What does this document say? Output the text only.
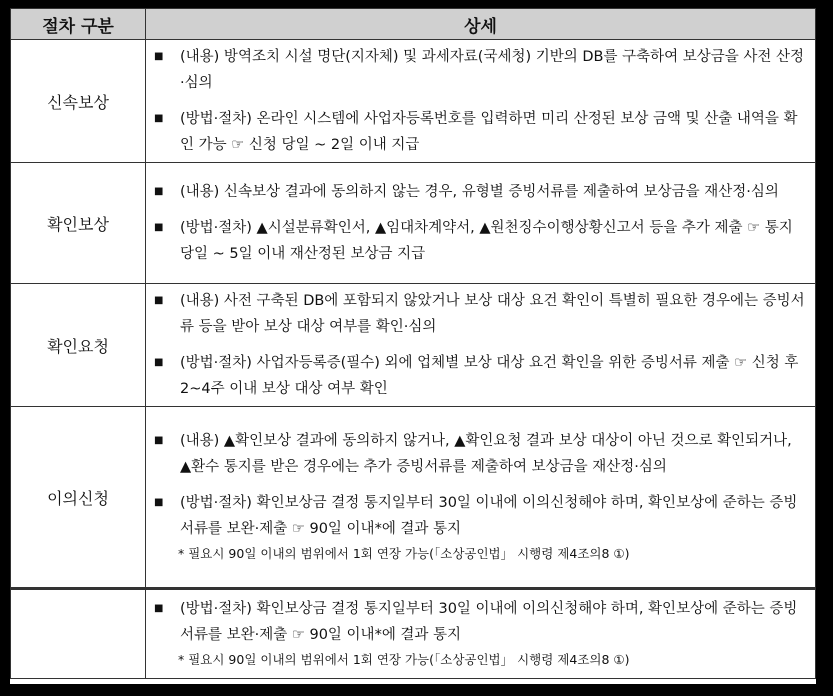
절차 구분	상세
신속보상	■ (내용) 방역조치 시설 명단(지자체) 및 과세자료(국세청) 기반의 DB를 구축하여 보상금을 사전 산정·심의
■ (방법·절차) 온라인 시스템에 사업자등록번호를 입력하면 미리 산정된 보상 금액 및 산출 내역을 확인 가능 ☞ 신청 당일 ~ 2일 이내 지급

확인보상	■ (내용) 신속보상 결과에 동의하지 않는 경우, 유형별 증빙서류를 제출하여 보상금을 재산정·심의
■ (방법·절차) ▲시설분류확인서, ▲임대차계약서, ▲원천징수이행상황신고서 등을 추가 제출 ☞ 통지 당일 ~ 5일 이내 재산정된 보상금 지급

확인요청	■ (내용) 사전 구축된 DB에 포함되지 않았거나 보상 대상 요건 확인이 특별히 필요한 경우에는 증빙서류 등을 받아 보상 대상 여부를 확인·심의
■ (방법·절차) 사업자등록증(필수) 외에 업체별 보상 대상 요건 확인을 위한 증빙서류 제출 ☞ 신청 후 2~4주 이내 보상 대상 여부 확인

이의신청	■ (내용) ▲확인보상 결과에 동의하지 않거나, ▲확인요청 결과 보상 대상이 아닌 것으로 확인되거나, ▲환수 통지를 받은 경우에는 추가 증빙서류를 제출하여 보상금을 재산정·심의
■ (방법·절차) 확인보상금 결정 통지일부터 30일 이내에 이의신청해야 하며, 확인보상에 준하는 증빙서류를 보완·제출 ☞ 90일 이내*에 결과 통지
* 필요시 90일 이내의 범위에서 1회 연장 가능(「소상공인법」 시행령 제4조의8 ①)

	■ (방법·절차) 확인보상금 결정 통지일부터 30일 이내에 이의신청해야 하며, 확인보상에 준하는 증빙서류를 보완·제출 ☞ 90일 이내*에 결과 통지
* 필요시 90일 이내의 범위에서 1회 연장 가능(「소상공인법」 시행령 제4조의8 ①)
